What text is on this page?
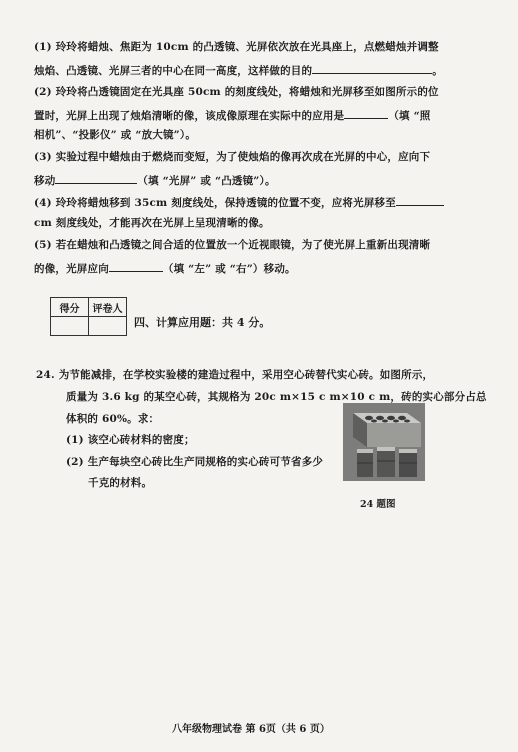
(1) 玲玲将蜡烛、焦距为 10cm 的凸透镜、光屏依次放在光具座上，点燃蜡烛并调整
烛焰、凸透镜、光屏三者的中心在同一高度，这样做的目的	。
(2) 玲玲将凸透镜固定在光具座 50cm 的刻度线处，将蜡烛和光屏移至如图所示的位
置时，光屏上出现了烛焰清晰的像，该成像原理在实际中的应用是	（填 “照
相机”、“投影仪” 或 “放大镜”）。
(3) 实验过程中蜡烛由于燃烧而变短，为了使烛焰的像再次成在光屏的中心，应向下
移动	（填 “光屏” 或 “凸透镜”）。
(4) 玲玲将蜡烛移到 35cm 刻度线处，保持透镜的位置不变，应将光屏移至
cm 刻度线处，才能再次在光屏上呈现清晰的像。
(5) 若在蜡烛和凸透镜之间合适的位置放一个近视眼镜，为了使光屏上重新出现清晰
的像，光屏应向	（填 “左” 或 “右”）移动。
得分	评卷人

四、计算应用题：共 4 分。
24. 为节能减排，在学校实验楼的建造过程中，采用空心砖替代实心砖。如图所示，
质量为 3.6 kg 的某空心砖，其规格为 20c m×15 c m×10 c m，砖的实心部分占总
体积的 60%。求：
(1) 该空心砖材料的密度；
(2) 生产每块空心砖比生产同规格的实心砖可节省多少
千克的材料。
24 题图
八年级物理试卷 第 6页（共 6 页）
